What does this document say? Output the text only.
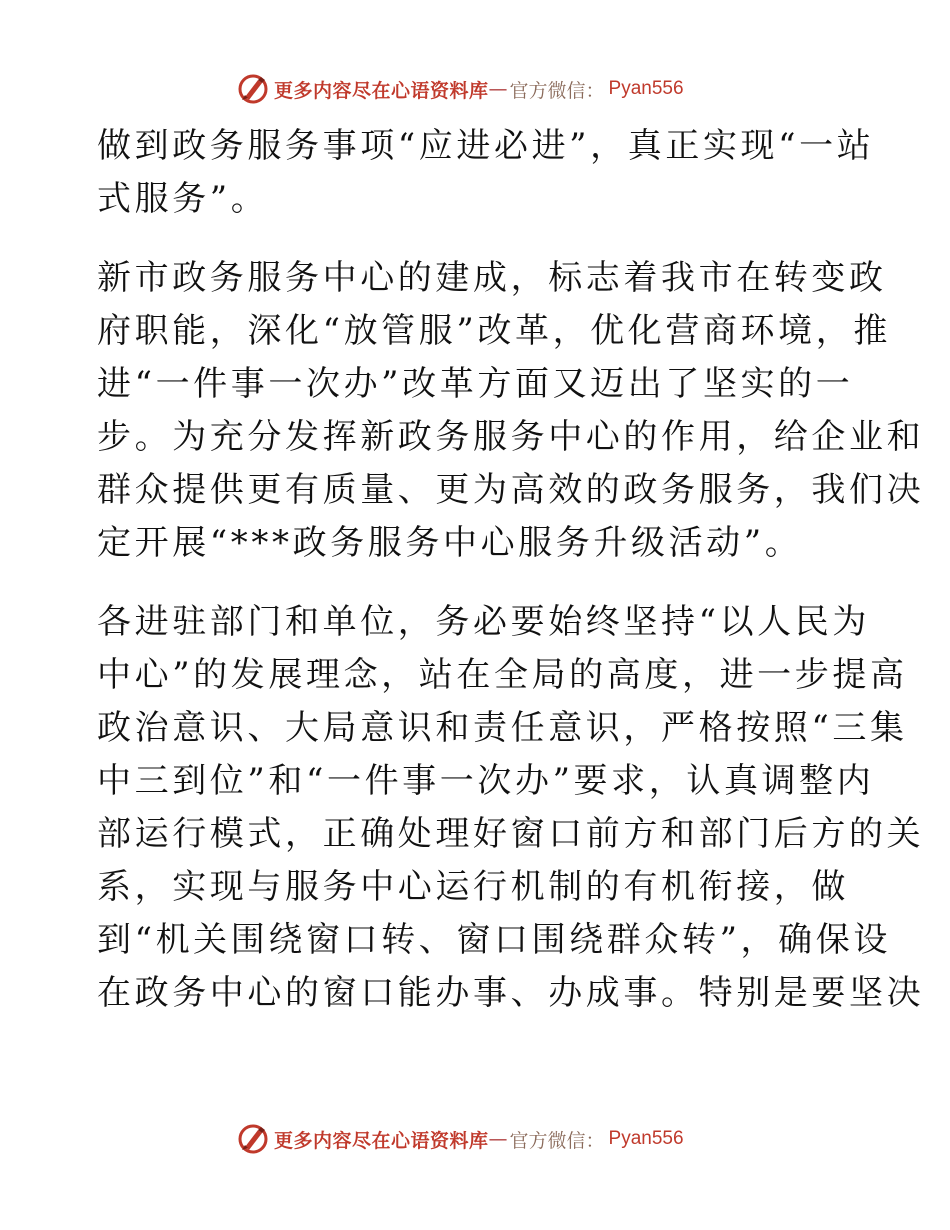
更多内容尽在心语资料库 — 官方微信： Pyan556
做到政务服务事项“应进必进”，真正实现“一站
式服务”。
新市政务服务中心的建成，标志着我市在转变政
府职能，深化“放管服”改革，优化营商环境，推
进“一件事一次办”改革方面又迈出了坚实的一
步。为充分发挥新政务服务中心的作用，给企业和
群众提供更有质量、更为高效的政务服务，我们决
定开展“***政务服务中心服务升级活动”。
各进驻部门和单位，务必要始终坚持“以人民为
中心”的发展理念，站在全局的高度，进一步提高
政治意识、大局意识和责任意识，严格按照“三集
中三到位”和“一件事一次办”要求，认真调整内
部运行模式，正确处理好窗口前方和部门后方的关
系，实现与服务中心运行机制的有机衔接，做
到“机关围绕窗口转、窗口围绕群众转”，确保设
在政务中心的窗口能办事、办成事。特别是要坚决
更多内容尽在心语资料库 — 官方微信： Pyan556
